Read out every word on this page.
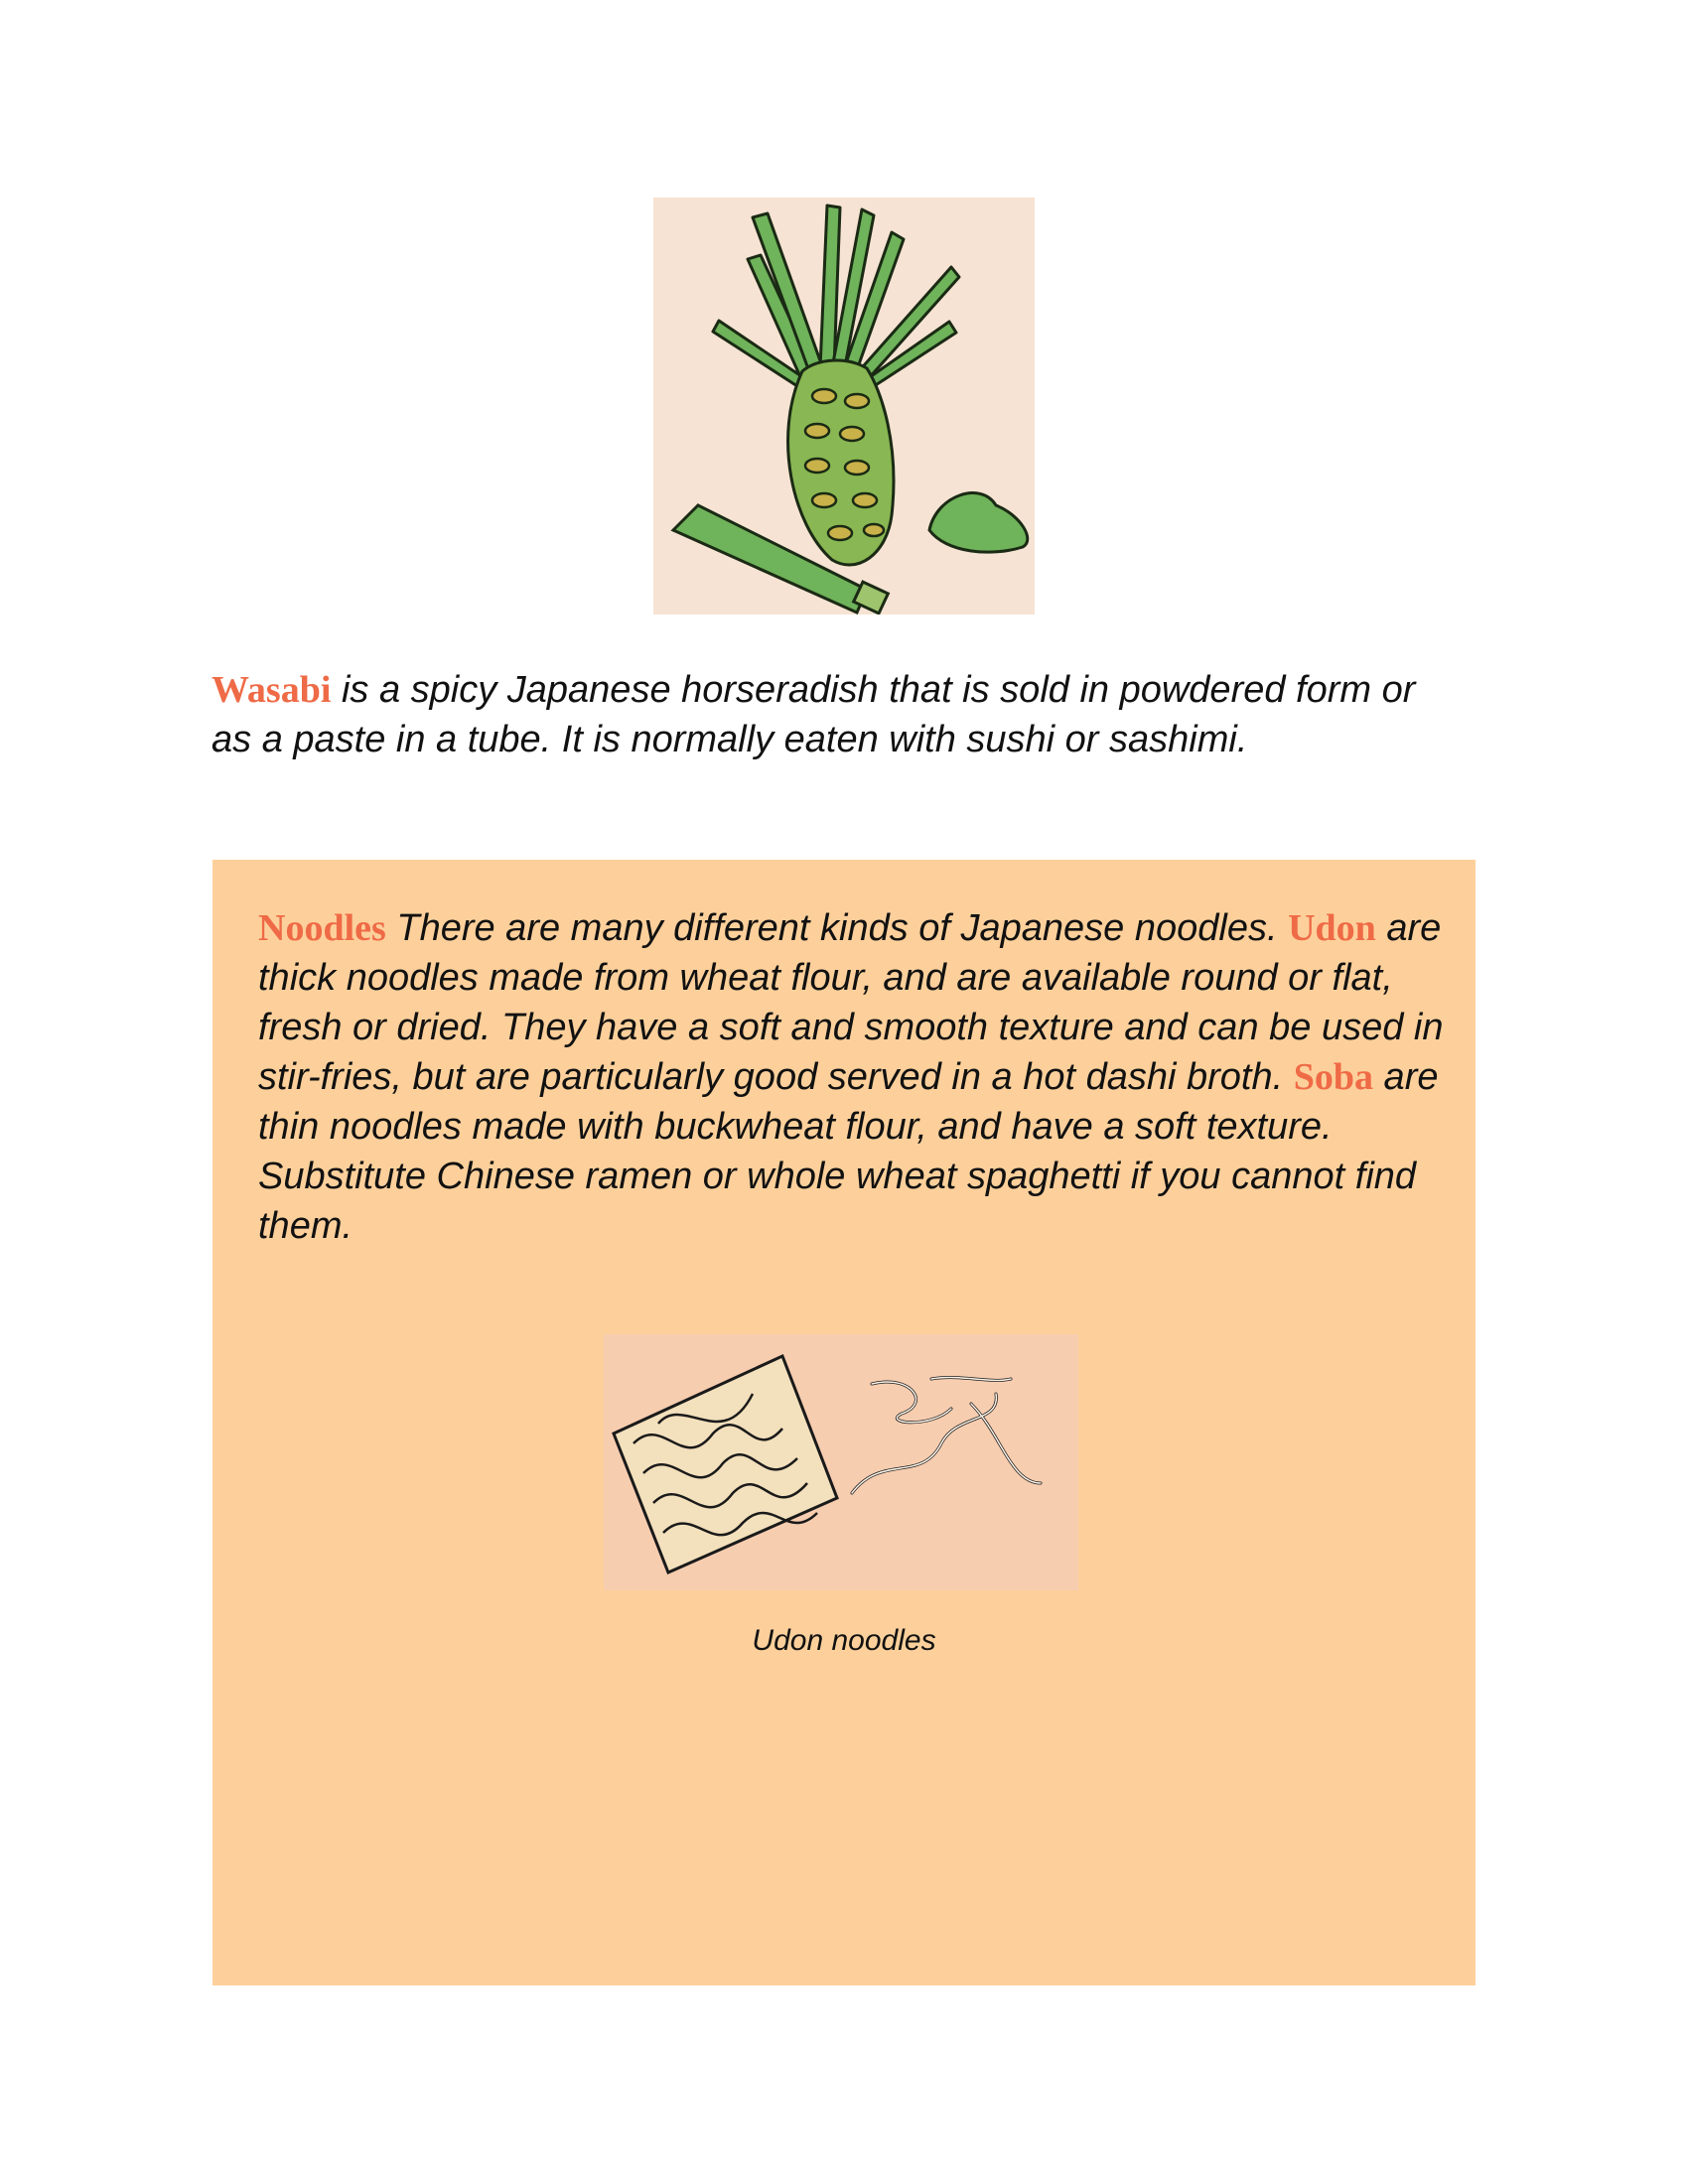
Wasabi is a spicy Japanese horseradish that is sold in powdered form or as a paste in a tube. It is normally eaten with sushi or sashimi.

Noodles There are many different kinds of Japanese noodles. Udon are thick noodles made from wheat flour, and are available round or flat, fresh or dried. They have a soft and smooth texture and can be used in stir-fries, but are particularly good served in a hot dashi broth. Soba are thin noodles made with buckwheat flour, and have a soft texture. Substitute Chinese ramen or whole wheat spaghetti if you cannot find them.

Udon noodles
